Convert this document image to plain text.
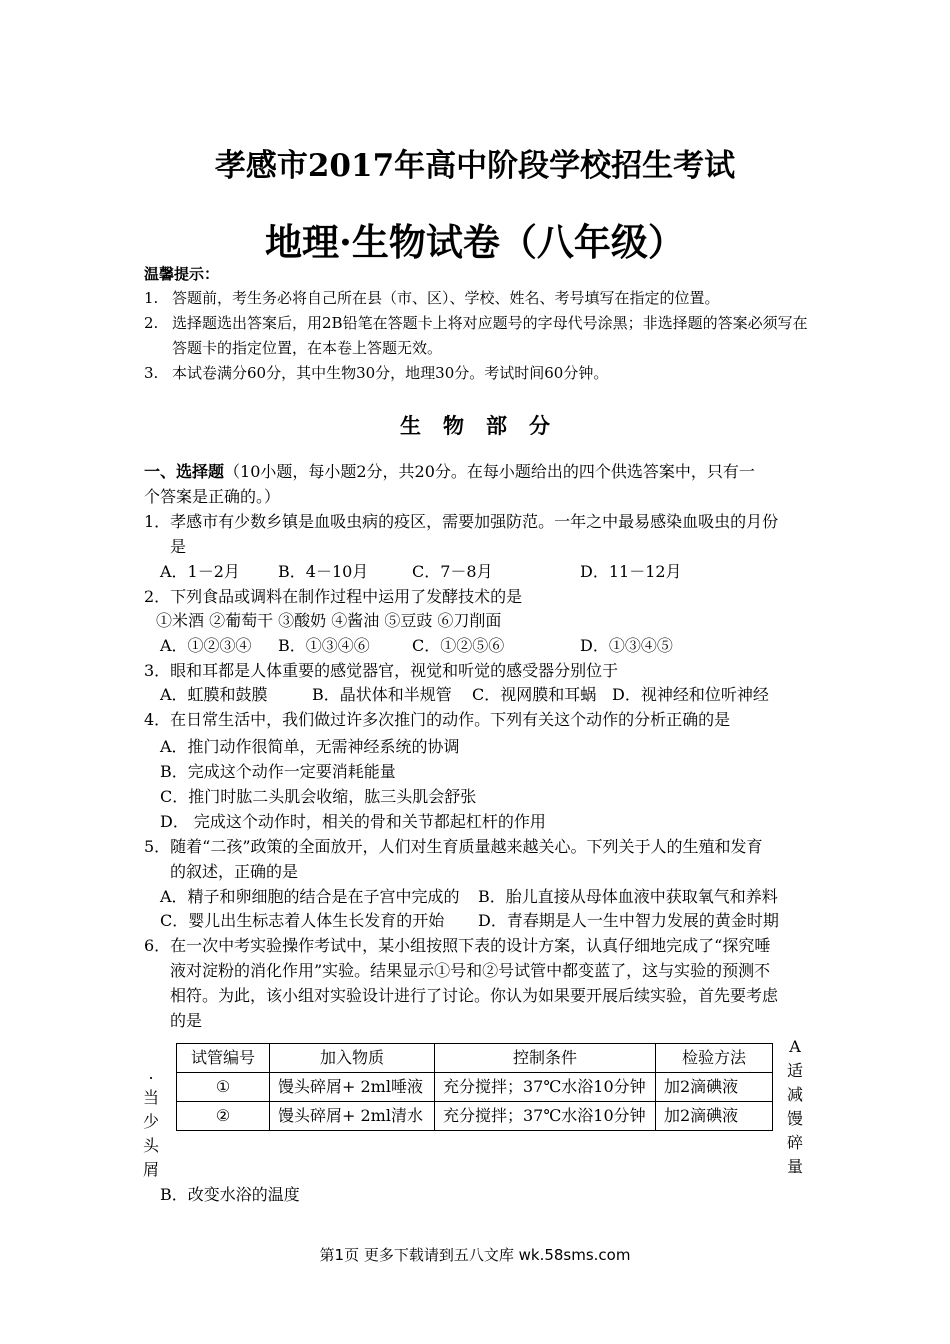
孝感市2017年高中阶段学校招生考试
地理·生物试卷（八年级）
温馨提示：
1. 答题前，考生务必将自己所在县（市、区）、学校、姓名、考号填写在指定的位置。
2. 选择题选出答案后，用2B铅笔在答题卡上将对应题号的字母代号涂黑；非选择题的答案必须写在答题卡的指定位置，在本卷上答题无效。
3. 本试卷满分60分，其中生物30分，地理30分。考试时间60分钟。
生物部分
一、选择题（10小题，每小题2分，共20分。在每小题给出的四个供选答案中，只有一
个答案是正确的。）
1．孝感市有少数乡镇是血吸虫病的疫区，需要加强防范。一年之中最易感染血吸虫的月份
是
A．1－2月 B．4－10月	C．7－8月	D．11－12月
2．下列食品或调料在制作过程中运用了发酵技术的是
①米酒 ②葡萄干 ③酸奶 ④酱油 ⑤豆豉 ⑥刀削面
A．①②③④ B．①③④⑥	C．①②⑤⑥	D．①③④⑤
3．眼和耳都是人体重要的感觉器官，视觉和听觉的感受器分别位于
A．虹膜和鼓膜	B．晶状体和半规管 C．视网膜和耳蜗 D．视神经和位听神经
4．在日常生活中，我们做过许多次推门的动作。下列有关这个动作的分析正确的是
A．推门动作很简单，无需神经系统的协调
B．完成这个动作一定要消耗能量
C．推门时肱二头肌会收缩，肱三头肌会舒张
D． 完成这个动作时，相关的骨和关节都起杠杆的作用
5．随着“二孩”政策的全面放开，人们对生育质量越来越关心。下列关于人的生殖和发育
的叙述，正确的是
A．精子和卵细胞的结合是在子宫中完成的 B．胎儿直接从母体血液中获取氧气和养料
C．婴儿出生标志着人体生长发育的开始 D．青春期是人一生中智力发展的黄金时期
6．在一次中考实验操作考试中，某小组按照下表的设计方案，认真仔细地完成了“探究唾
液对淀粉的消化作用”实验。结果显示①号和②号试管中都变蓝了，这与实验的预测不
相符。为此，该小组对实验设计进行了讨论。你认为如果要开展后续实验，首先要考虑
的是
.
当
少
头
屑
A
适
减
馒
碎
量
试管编号	加入物质	控制条件	检验方法
①	馒头碎屑+ 2ml唾液	充分搅拌；37℃水浴10分钟	加2滴碘液
②	馒头碎屑+ 2ml清水	充分搅拌；37℃水浴10分钟	加2滴碘液
B．改变水浴的温度
第1页 更多下载请到五八文库 wk.58sms.com
